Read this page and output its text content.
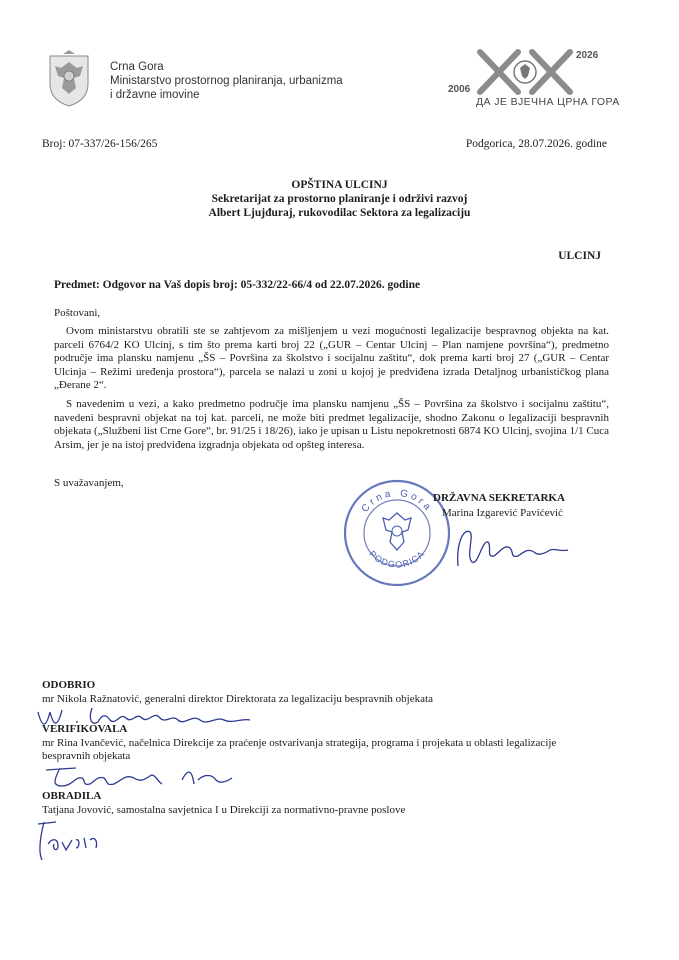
Crna Gora
Ministarstvo prostornog planiranja, urbanizma
i državne imovine	2006
2026
ДА ЈЕ ВЈЕЧНА ЦРНА ГОРА
Broj: 07-337/26-156/265	Podgorica, 28.07.2026. godine
OPŠTINA ULCINJ
Sekretarijat za prostorno planiranje i održivi razvoj
Albert Ljujđuraj, rukovodilac Sektora za legalizaciju
ULCINJ
Predmet: Odgovor na Vaš dopis broj: 05-332/22-66/4 od 22.07.2026. godine
Poštovani,
Ovom ministarstvu obratili ste se zahtjevom za mišljenjem u vezi mogućnosti legalizacije bespravnog objekta na kat. parceli 6764/2 KO Ulcinj, s tim što prema karti broj 22 („GUR – Centar Ulcinj – Plan namjene površina“), predmetno područje ima plansku namjenu „ŠS – Površina za školstvo i socijalnu zaštitu“, dok prema karti broj 27 („GUR – Centar Ulcinja – Režimi uređenja prostora“), parcela se nalazi u zoni u kojoj je predviđena izrada Detaljnog urbanističkog plana „Đerane 2“.
S navedenim u vezi, a kako predmetno područje ima plansku namjenu „ŠS – Površina za školstvo i socijalnu zaštitu“, navedeni bespravni objekat na toj kat. parceli, ne može biti predmet legalizacije, shodno Zakonu o legalizaciji bespravnih objekata („Službeni list Crne Gore“, br. 91/25 i 18/26), iako je upisan u Listu nepokretnosti 6874 KO Ulcinj, svojina 1/1 Cuca Arsim, jer je na istoj predviđena izgradnja objekata od opšteg interesa.
S uvažavanjem,
Crna Gora
PODGORICA
DRŽAVNA SEKRETARKA
Marina Izgarević Pavićević
ODOBRIO
mr Nikola Ražnatović, generalni direktor Direktorata za legalizaciju bespravnih objekata
VERIFIKOVALA
mr Rina Ivančević, načelnica Direkcije za praćenje ostvarivanja strategija, programa i projekata u oblasti legalizacije bespravnih objekata
OBRADILA
Tatjana Jovović, samostalna savjetnica I u Direkciji za normativno-pravne poslove
